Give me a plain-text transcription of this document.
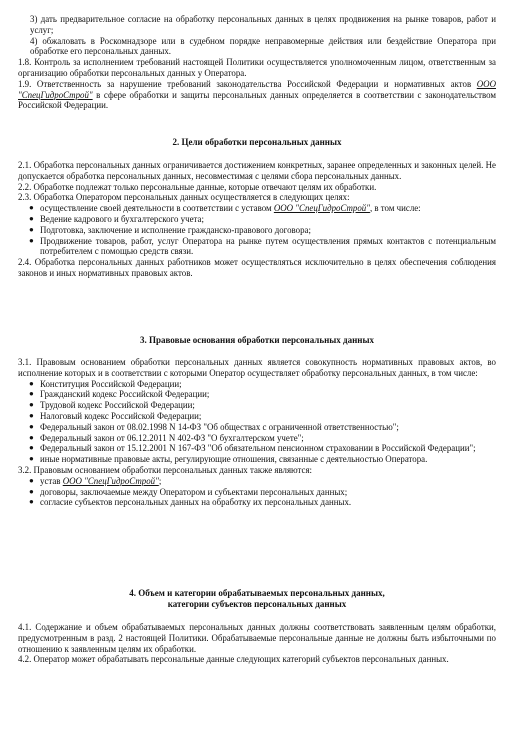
3) дать предварительное согласие на обработку персональных данных в целях продвижения на рынке товаров, работ и услуг;

4) обжаловать в Роскомнадзоре или в судебном порядке неправомерные действия или бездействие Оператора при обработке его персональных данных.

1.8. Контроль за исполнением требований настоящей Политики осуществляется уполномоченным лицом, ответственным за организацию обработки персональных данных у Оператора.

1.9. Ответственность за нарушение требований законодательства Российской Федерации и нормативных актов ООО "СпецГидроСтрой" в сфере обработки и защиты персональных данных определяется в соответствии с законодательством Российской Федерации.

2. Цели обработки персональных данных

2.1. Обработка персональных данных ограничивается достижением конкретных, заранее определенных и законных целей. Не допускается обработка персональных данных, несовместимая с целями сбора персональных данных.

2.2. Обработке подлежат только персональные данные, которые отвечают целям их обработки.

2.3. Обработка Оператором персональных данных осуществляется в следующих целях:

● осуществление своей деятельности в соответствии с уставом ООО "СпецГидроСтрой", в том числе:
● Ведение кадрового и бухгалтерского учета;
● Подготовка, заключение и исполнение гражданско-правового договора;
● Продвижение товаров, работ, услуг Оператора на рынке путем осуществления прямых контактов с потенциальным потребителем с помощью средств связи.

2.4. Обработка персональных данных работников может осуществляться исключительно в целях обеспечения соблюдения законов и иных нормативных правовых актов.

3. Правовые основания обработки персональных данных

3.1. Правовым основанием обработки персональных данных является совокупность нормативных правовых актов, во исполнение которых и в соответствии с которыми Оператор осуществляет обработку персональных данных, в том числе:

● Конституция Российской Федерации;
● Гражданский кодекс Российской Федерации;
● Трудовой кодекс Российской Федерации;
● Налоговый кодекс Российской Федерации;
● Федеральный закон от 08.02.1998 N 14-ФЗ "Об обществах с ограниченной ответственностью";
● Федеральный закон от 06.12.2011 N 402-ФЗ "О бухгалтерском учете";
● Федеральный закон от 15.12.2001 N 167-ФЗ "Об обязательном пенсионном страховании в Российской Федерации";
● иные нормативные правовые акты, регулирующие отношения, связанные с деятельностью Оператора.

3.2. Правовым основанием обработки персональных данных также являются:

● устав ООО "СпецГидроСтрой";
● договоры, заключаемые между Оператором и субъектами персональных данных;
● согласие субъектов персональных данных на обработку их персональных данных.
4. Объем и категории обрабатываемых персональных данных,
категории субъектов персональных данных

4.1. Содержание и объем обрабатываемых персональных данных должны соответствовать заявленным целям обработки, предусмотренным в разд. 2 настоящей Политики. Обрабатываемые персональные данные не должны быть избыточными по отношению к заявленным целям их обработки.

4.2. Оператор может обрабатывать персональные данные следующих категорий субъектов персональных данных.
